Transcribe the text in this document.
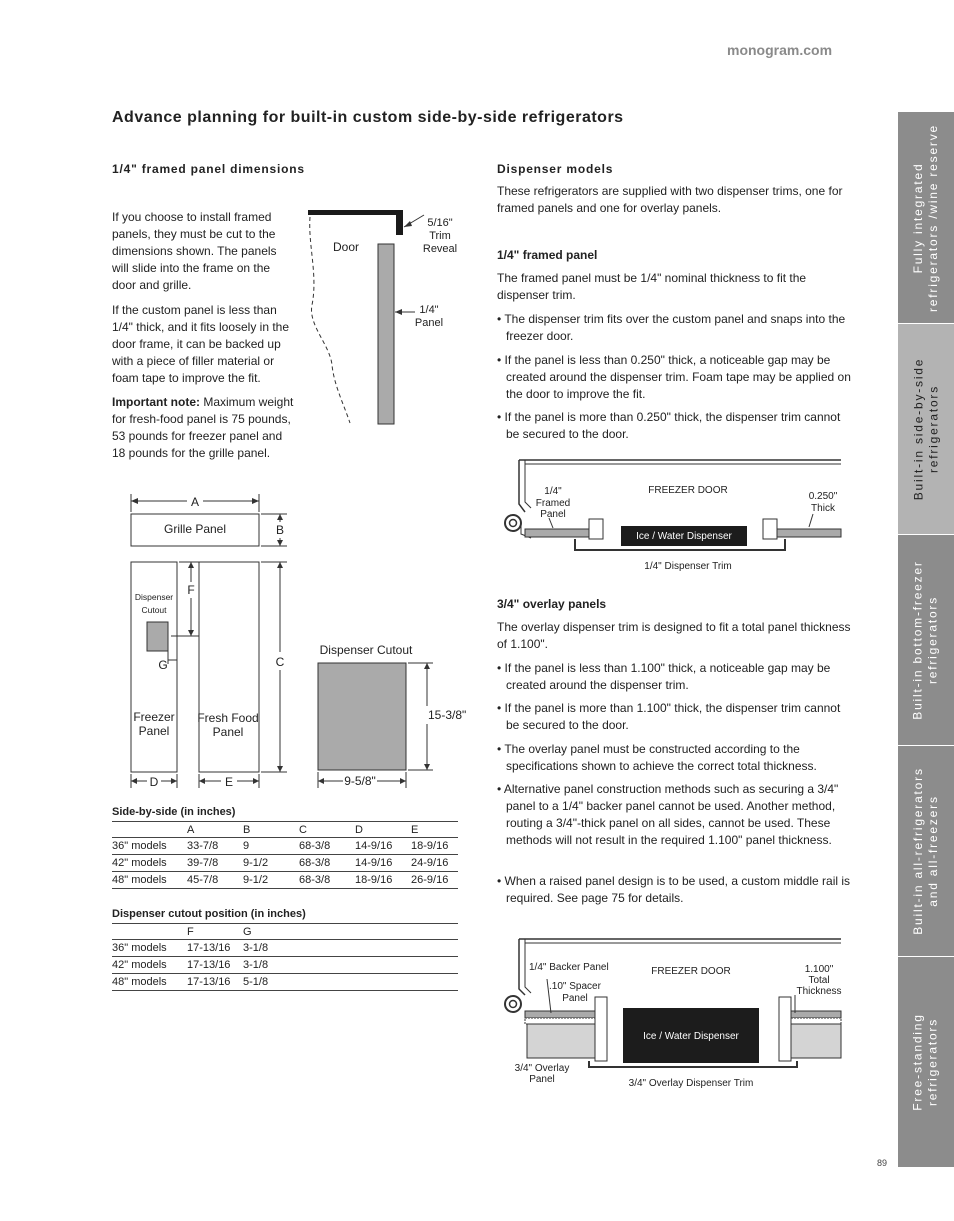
monogram.com
Advance planning for built-in custom side-by-side refrigerators
1/4" framed panel dimensions
If you choose to install framed panels, they must be cut to the dimensions shown. The panels will slide into the frame on the door and grille.
If the custom panel is less than 1/4" thick, and it fits loosely in the door frame, it can be backed up with a piece of filler material or foam tape to improve the fit.
Important note: Maximum weight for fresh-food panel is 75 pounds, 53 pounds for freezer panel and 18 pounds for the grille panel.
Door
5/16"
Trim
Reveal
1/4"
Panel
A
Grille Panel	B
Dispenser
Cutout
Freezer
Panel
F
G
D
Fresh Food
Panel
E
C
Dispenser Cutout
15-3/8"
9-5/8"
Side-by-side (in inches)
	A	B	C	D	E
36" models	33-7/8	9	68-3/8	14-9/16	18-9/16
42" models	39-7/8	9-1/2	68-3/8	14-9/16	24-9/16
48" models	45-7/8	9-1/2	68-3/8	18-9/16	26-9/16
Dispenser cutout position (in inches)
	F	G
36" models	17-13/16	3-1/8
42" models	17-13/16	3-1/8
48" models	17-13/16	5-1/8
Dispenser models
These refrigerators are supplied with two dispenser trims, one for framed panels and one for overlay panels.
1/4" framed panel
The framed panel must be 1/4" nominal thickness to fit the dispenser trim.
• The dispenser trim fits over the custom panel and snaps into the freezer door.
• If the panel is less than 0.250" thick, a noticeable gap may be created around the dispenser trim. Foam tape may be applied on the door to improve the fit.
• If the panel is more than 0.250" thick, the dispenser trim cannot be secured to the door.
Ice / Water Dispenser
FREEZER DOOR
1/4"
Framed
Panel
0.250"
Thick
1/4" Dispenser Trim
3/4" overlay panels
The overlay dispenser trim is designed to fit a total panel thickness of 1.100".
• If the panel is less than 1.100" thick, a noticeable gap may be created around the dispenser trim.
• If the panel is more than 1.100" thick, the dispenser trim cannot be secured to the door.
• The overlay panel must be constructed according to the specifications shown to achieve the correct total thickness.
• Alternative panel construction methods such as securing a 3/4" panel to a 1/4" backer panel cannot be used. Another method, routing a 3/4"-thick panel on all sides, cannot be used. These methods will not result in the required 1.100" panel thickness.
• When a raised panel design is to be used, a custom middle rail is required. See page 75 for details.
Ice / Water Dispenser
FREEZER DOOR
1/4" Backer Panel
.10" Spacer
Panel
1.100"
Total
Thickness
3/4" Overlay
Panel	3/4" Overlay Dispenser Trim
Fully integrated refrigerators /wine reserve
Built-in side-by-side refrigerators
Built-in bottom-freezer refrigerators
Built-in all-refrigerators and all-freezers
Free-standing refrigerators
89
